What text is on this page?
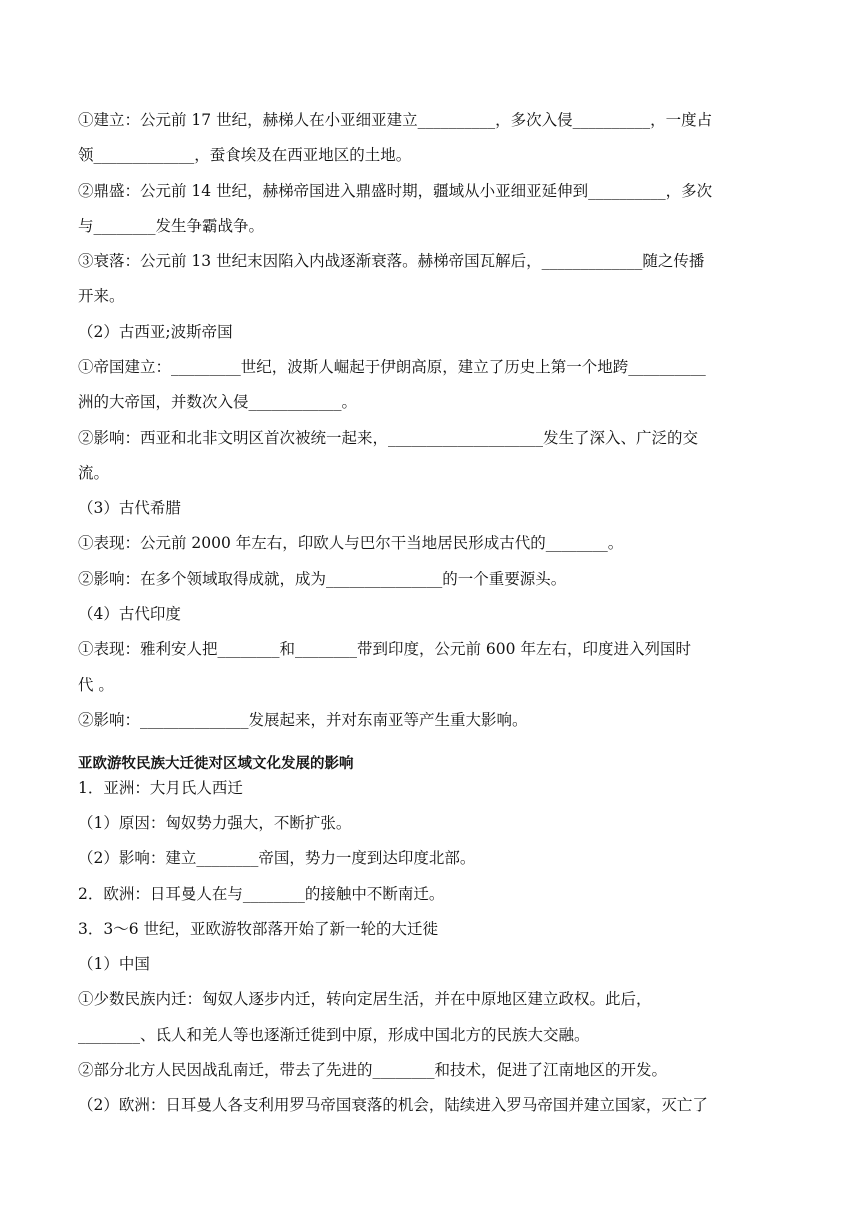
①建立：公元前 17 世纪，赫梯人在小亚细亚建立__________，多次入侵__________，一度占
领_____________，蚕食埃及在西亚地区的土地。
②鼎盛：公元前 14 世纪，赫梯帝国进入鼎盛时期，疆域从小亚细亚延伸到__________，多次
与________发生争霸战争。
③衰落：公元前 13 世纪末因陷入内战逐渐衰落。赫梯帝国瓦解后，_____________随之传播
开来。
（2）古西亚;波斯帝国
①帝国建立：_________世纪，波斯人崛起于伊朗高原，建立了历史上第一个地跨__________
洲的大帝国，并数次入侵____________。
②影响：西亚和北非文明区首次被统一起来，____________________发生了深入、广泛的交
流。
（3）古代希腊
①表现：公元前 2000 年左右，印欧人与巴尔干当地居民形成古代的________。
②影响：在多个领域取得成就，成为_______________的一个重要源头。
（4）古代印度
①表现：雅利安人把________和________带到印度，公元前 600 年左右，印度进入列国时
代 。
②影响：______________发展起来，并对东南亚等产生重大影响。
亚欧游牧民族大迁徙对区域文化发展的影响
1．亚洲：大月氏人西迁
（1）原因：匈奴势力强大，不断扩张。
（2）影响：建立________帝国，势力一度到达印度北部。
2．欧洲：日耳曼人在与________的接触中不断南迁。
3．3～6 世纪，亚欧游牧部落开始了新一轮的大迁徙
（1）中国
①少数民族内迁：匈奴人逐步内迁，转向定居生活，并在中原地区建立政权。此后，
________、氐人和羌人等也逐渐迁徙到中原，形成中国北方的民族大交融。
②部分北方人民因战乱南迁，带去了先进的________和技术，促进了江南地区的开发。
（2）欧洲：日耳曼人各支利用罗马帝国衰落的机会，陆续进入罗马帝国并建立国家，灭亡了
